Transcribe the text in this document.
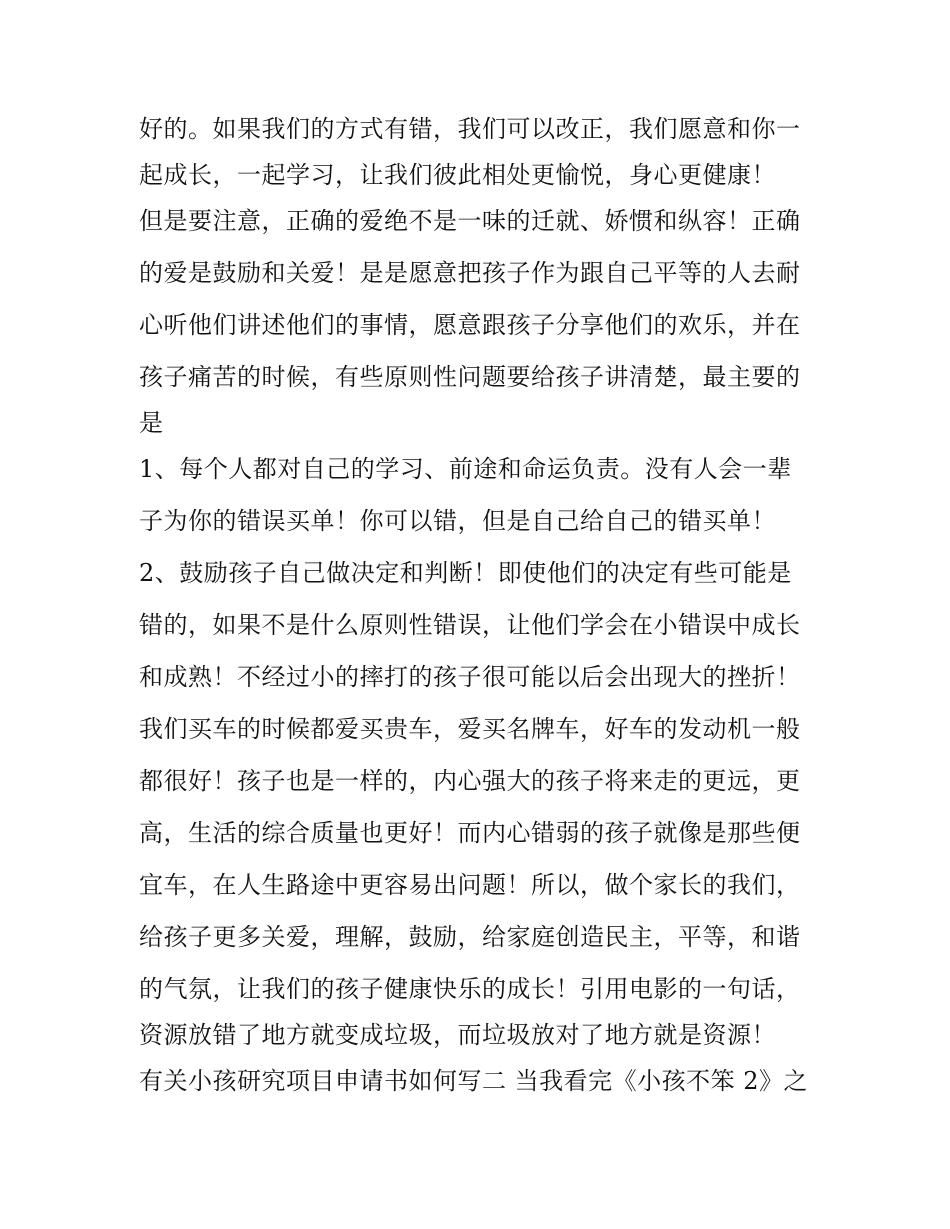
好的。如果我们的方式有错，我们可以改正，我们愿意和你一
起成长，一起学习，让我们彼此相处更愉悦，身心更健康！
但是要注意，正确的爱绝不是一味的迁就、娇惯和纵容！正确
的爱是鼓励和关爱！是是愿意把孩子作为跟自己平等的人去耐
心听他们讲述他们的事情，愿意跟孩子分享他们的欢乐，并在
孩子痛苦的时候，有些原则性问题要给孩子讲清楚，最主要的
是
1、每个人都对自己的学习、前途和命运负责。没有人会一辈
子为你的错误买单！你可以错，但是自己给自己的错买单！
2、鼓励孩子自己做决定和判断！即使他们的决定有些可能是
错的，如果不是什么原则性错误，让他们学会在小错误中成长
和成熟！不经过小的摔打的孩子很可能以后会出现大的挫折！
我们买车的时候都爱买贵车，爱买名牌车，好车的发动机一般
都很好！孩子也是一样的，内心强大的孩子将来走的更远，更
高，生活的综合质量也更好！而内心错弱的孩子就像是那些便
宜车，在人生路途中更容易出问题！所以，做个家长的我们，
给孩子更多关爱，理解，鼓励，给家庭创造民主，平等，和谐
的气氛，让我们的孩子健康快乐的成长！引用电影的一句话，
资源放错了地方就变成垃圾，而垃圾放对了地方就是资源！
有关小孩研究项目申请书如何写二 当我看完《小孩不笨 2》之
